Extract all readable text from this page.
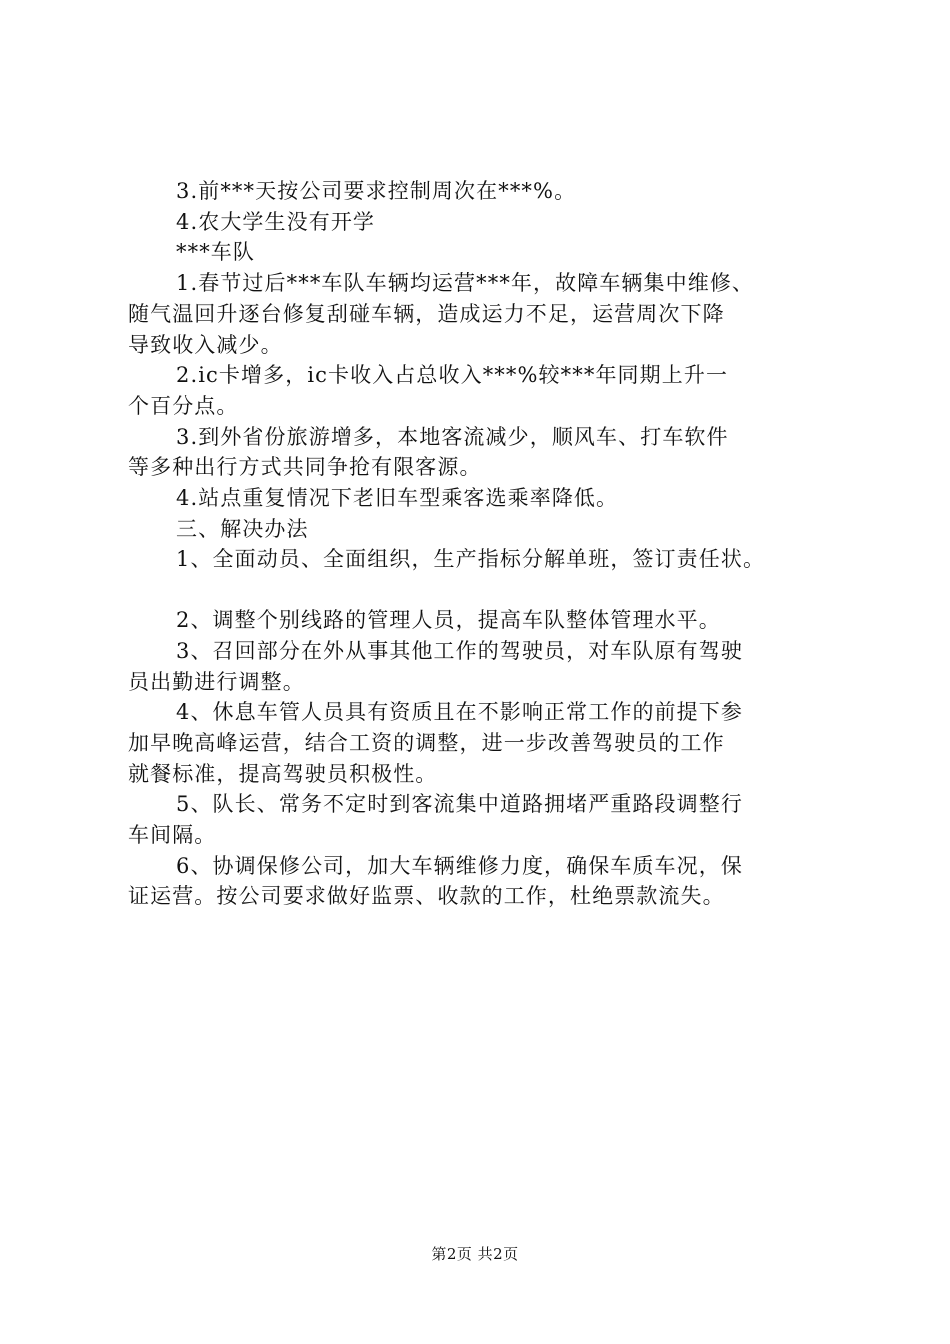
3.前***天按公司要求控制周次在***%。

4.农大学生没有开学

***车队

1.春节过后***车队车辆均运营***年，故障车辆集中维修、

随气温回升逐台修复刮碰车辆，造成运力不足，运营周次下降

导致收入减少。

2.ic卡增多，ic卡收入占总收入***%较***年同期上升一

个百分点。

3.到外省份旅游增多，本地客流减少，顺风车、打车软件

等多种出行方式共同争抢有限客源。

4.站点重复情况下老旧车型乘客选乘率降低。

三、解决办法

1、全面动员、全面组织，生产指标分解单班，签订责任状。

2、调整个别线路的管理人员，提高车队整体管理水平。

3、召回部分在外从事其他工作的驾驶员，对车队原有驾驶

员出勤进行调整。

4、休息车管人员具有资质且在不影响正常工作的前提下参

加早晚高峰运营，结合工资的调整，进一步改善驾驶员的工作

就餐标准，提高驾驶员积极性。

5、队长、常务不定时到客流集中道路拥堵严重路段调整行

车间隔。

6、协调保修公司，加大车辆维修力度，确保车质车况，保

证运营。按公司要求做好监票、收款的工作，杜绝票款流失。

第2页 共2页
